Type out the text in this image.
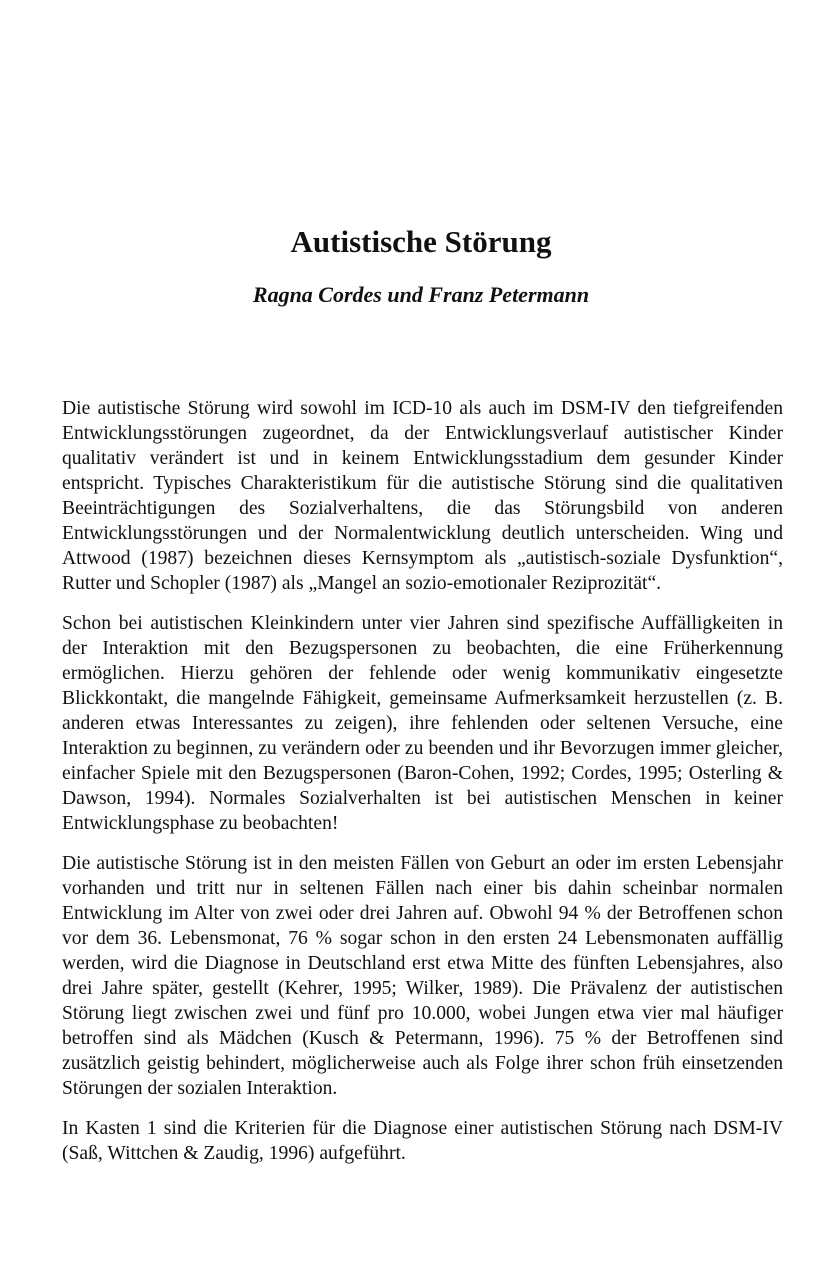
Autistische Störung
Ragna Cordes und Franz Petermann

Die autistische Störung wird sowohl im ICD-10 als auch im DSM-IV den tiefgreifenden Entwicklungsstörungen zugeordnet, da der Entwicklungsverlauf autistischer Kinder qualitativ verändert ist und in keinem Entwicklungsstadium dem gesunder Kinder entspricht. Typisches Charakteristikum für die autistische Störung sind die qualitativen Beeinträchtigungen des Sozialverhaltens, die das Störungsbild von anderen Entwicklungsstörungen und der Normalentwicklung deutlich unterscheiden. Wing und Attwood (1987) bezeichnen dieses Kernsymptom als „autistisch-soziale Dysfunktion“, Rutter und Schopler (1987) als „Mangel an sozio-emotionaler Reziprozität“.

Schon bei autistischen Kleinkindern unter vier Jahren sind spezifische Auffälligkeiten in der Interaktion mit den Bezugspersonen zu beobachten, die eine Früherkennung ermöglichen. Hierzu gehören der fehlende oder wenig kommunikativ eingesetzte Blickkontakt, die mangelnde Fähigkeit, gemeinsame Aufmerksamkeit herzustellen (z. B. anderen etwas Interessantes zu zeigen), ihre fehlenden oder seltenen Versuche, eine Interaktion zu beginnen, zu verändern oder zu beenden und ihr Bevorzugen immer gleicher, einfacher Spiele mit den Bezugspersonen (Baron-Cohen, 1992; Cordes, 1995; Osterling & Dawson, 1994). Normales Sozialverhalten ist bei autistischen Menschen in keiner Entwicklungsphase zu beobachten!

Die autistische Störung ist in den meisten Fällen von Geburt an oder im ersten Lebensjahr vorhanden und tritt nur in seltenen Fällen nach einer bis dahin scheinbar normalen Entwicklung im Alter von zwei oder drei Jahren auf. Obwohl 94 % der Betroffenen schon vor dem 36. Lebensmonat, 76 % sogar schon in den ersten 24 Lebensmonaten auffällig werden, wird die Diagnose in Deutschland erst etwa Mitte des fünften Lebensjahres, also drei Jahre später, gestellt (Kehrer, 1995; Wilker, 1989). Die Prävalenz der autistischen Störung liegt zwischen zwei und fünf pro 10.000, wobei Jungen etwa vier mal häufiger betroffen sind als Mädchen (Kusch & Petermann, 1996). 75 % der Betroffenen sind zusätzlich geistig behindert, möglicherweise auch als Folge ihrer schon früh einsetzenden Störungen der sozialen Interaktion.

In Kasten 1 sind die Kriterien für die Diagnose einer autistischen Störung nach DSM-IV (Saß, Wittchen & Zaudig, 1996) aufgeführt.
